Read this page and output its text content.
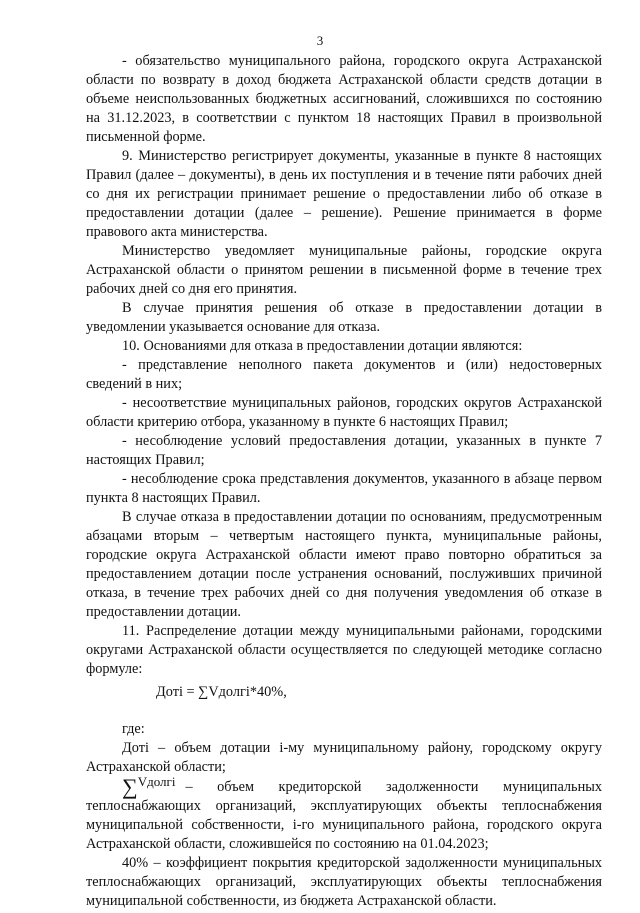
3

- обязательство муниципального района, городского округа Астраханской области по возврату в доход бюджета Астраханской области средств дотации в объеме неиспользованных бюджетных ассигнований, сложившихся по состоянию на 31.12.2023, в соответствии с пунктом 18 настоящих Правил в произвольной письменной форме.

9. Министерство регистрирует документы, указанные в пункте 8 настоящих Правил (далее – документы), в день их поступления и в течение пяти рабочих дней со дня их регистрации принимает решение о предоставлении либо об отказе в предоставлении дотации (далее – решение). Решение принимается в форме правового акта министерства.

Министерство уведомляет муниципальные районы, городские округа Астраханской области о принятом решении в письменной форме в течение трех рабочих дней со дня его принятия.

В случае принятия решения об отказе в предоставлении дотации в уведомлении указывается основание для отказа.

10. Основаниями для отказа в предоставлении дотации являются:

- представление неполного пакета документов и (или) недостоверных сведений в них;

- несоответствие муниципальных районов, городских округов Астраханской области критерию отбора, указанному в пункте 6 настоящих Правил;

- несоблюдение условий предоставления дотации, указанных в пункте 7 настоящих Правил;

- несоблюдение срока представления документов, указанного в абзаце первом пункта 8 настоящих Правил.

В случае отказа в предоставлении дотации по основаниям, предусмотренным абзацами вторым – четвертым настоящего пункта, муниципальные районы, городские округа Астраханской области имеют право повторно обратиться за предоставлением дотации после устранения оснований, послуживших причиной отказа, в течение трех рабочих дней со дня получения уведомления об отказе в предоставлении дотации.

11. Распределение дотации между муниципальными районами, городскими округами Астраханской области осуществляется по следующей методике согласно формуле:

Дотi = ∑Vдолгi*40%,

где:

Дотi – объем дотации i-му муниципальному району, городскому округу Астраханской области;

∑Vдолгi – объем кредиторской задолженности муниципальных теплоснабжающих организаций, эксплуатирующих объекты теплоснабжения муниципальной собственности, i-го муниципального района, городского округа Астраханской области, сложившейся по состоянию на 01.04.2023;

40% – коэффициент покрытия кредиторской задолженности муниципальных теплоснабжающих организаций, эксплуатирующих объекты теплоснабжения муниципальной собственности, из бюджета Астраханской области.
